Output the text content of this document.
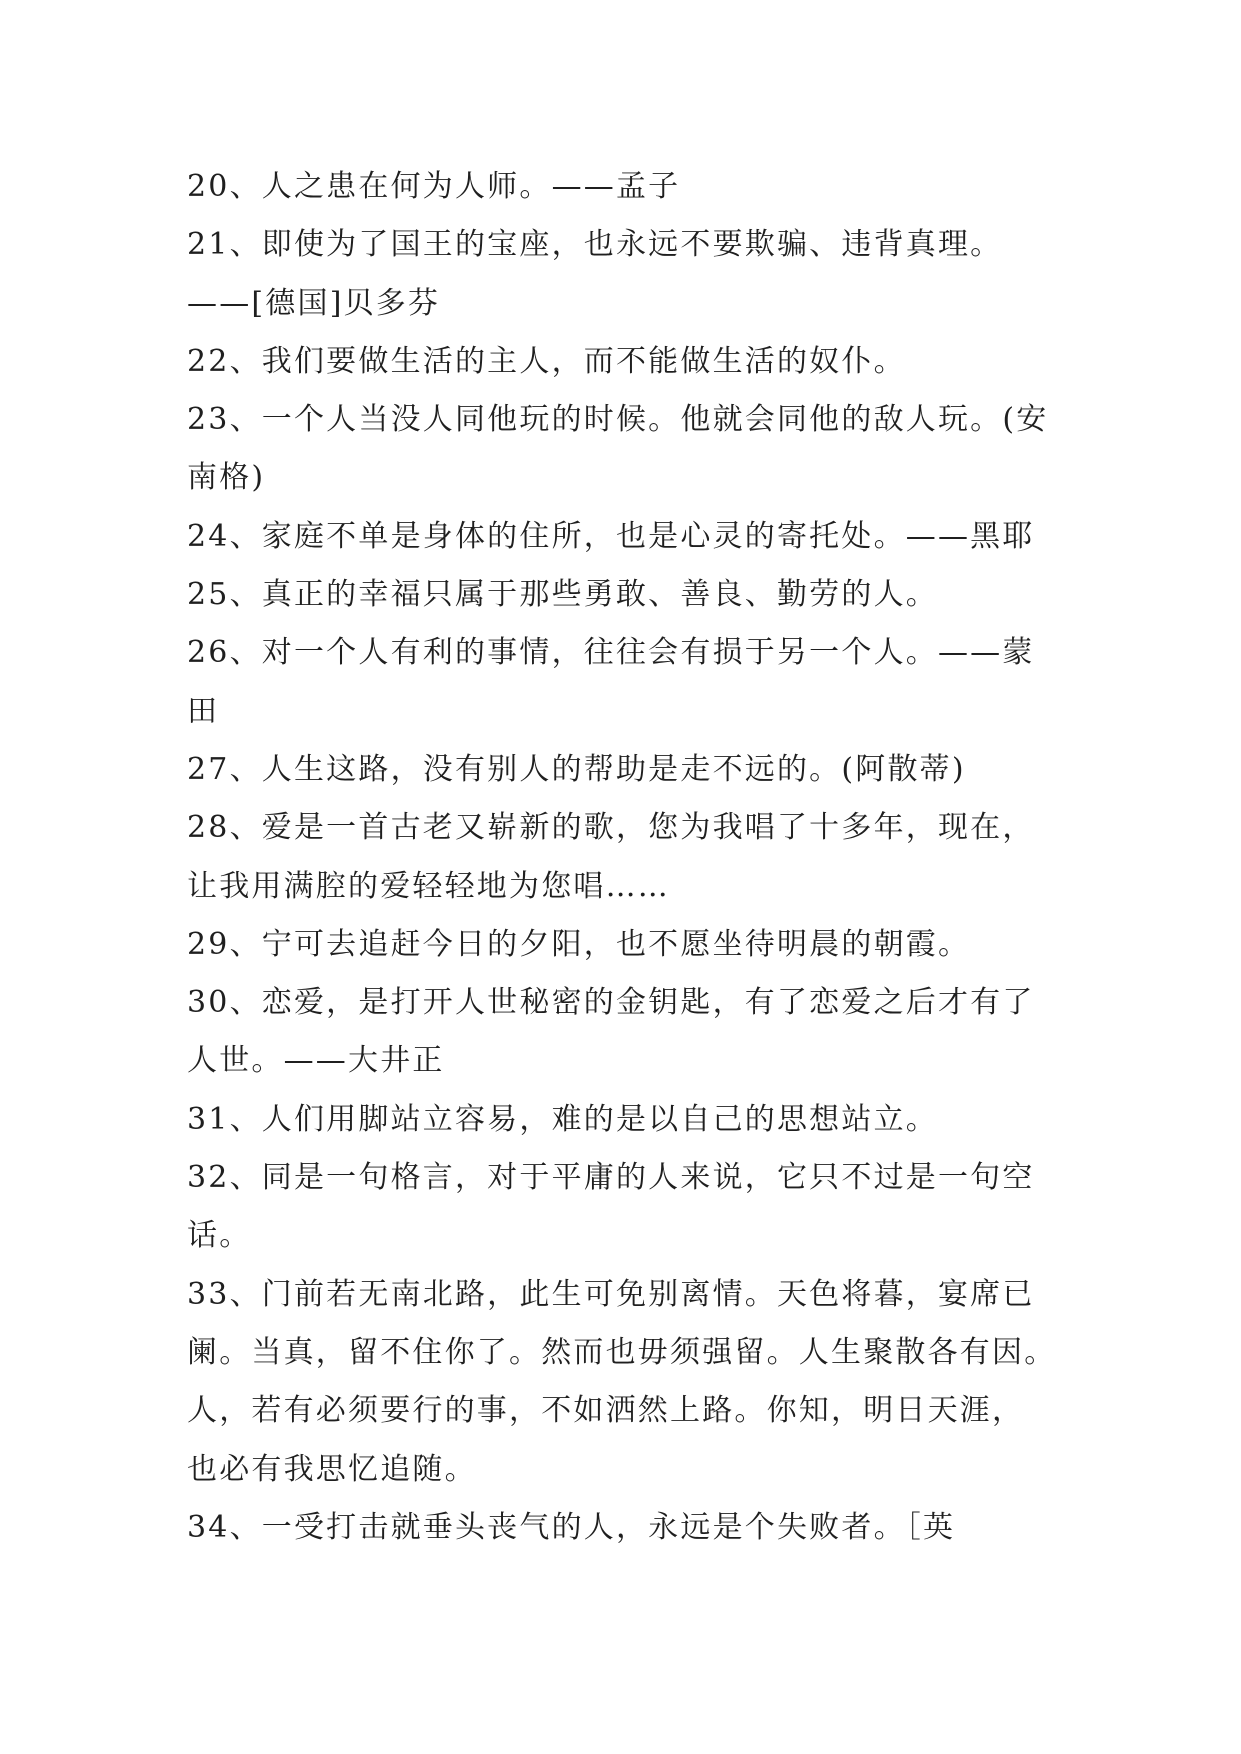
20、人之患在何为人师。——孟子
21、即使为了国王的宝座，也永远不要欺骗、违背真理。
——[德国]贝多芬
22、我们要做生活的主人，而不能做生活的奴仆。
23、一个人当没人同他玩的时候。他就会同他的敌人玩。(安
南格)
24、家庭不单是身体的住所，也是心灵的寄托处。——黑耶
25、真正的幸福只属于那些勇敢、善良、勤劳的人。
26、对一个人有利的事情，往往会有损于另一个人。——蒙
田
27、人生这路，没有别人的帮助是走不远的。(阿散蒂)
28、爱是一首古老又崭新的歌，您为我唱了十多年，现在，
让我用满腔的爱轻轻地为您唱……
29、宁可去追赶今日的夕阳，也不愿坐待明晨的朝霞。
30、恋爱，是打开人世秘密的金钥匙，有了恋爱之后才有了
人世。——大井正
31、人们用脚站立容易，难的是以自己的思想站立。
32、同是一句格言，对于平庸的人来说，它只不过是一句空
话。
33、门前若无南北路，此生可免别离情。天色将暮，宴席已
阑。当真，留不住你了。然而也毋须强留。人生聚散各有因。
人，若有必须要行的事，不如洒然上路。你知，明日天涯，
也必有我思忆追随。
34、一受打击就垂头丧气的人，永远是个失败者。［英
